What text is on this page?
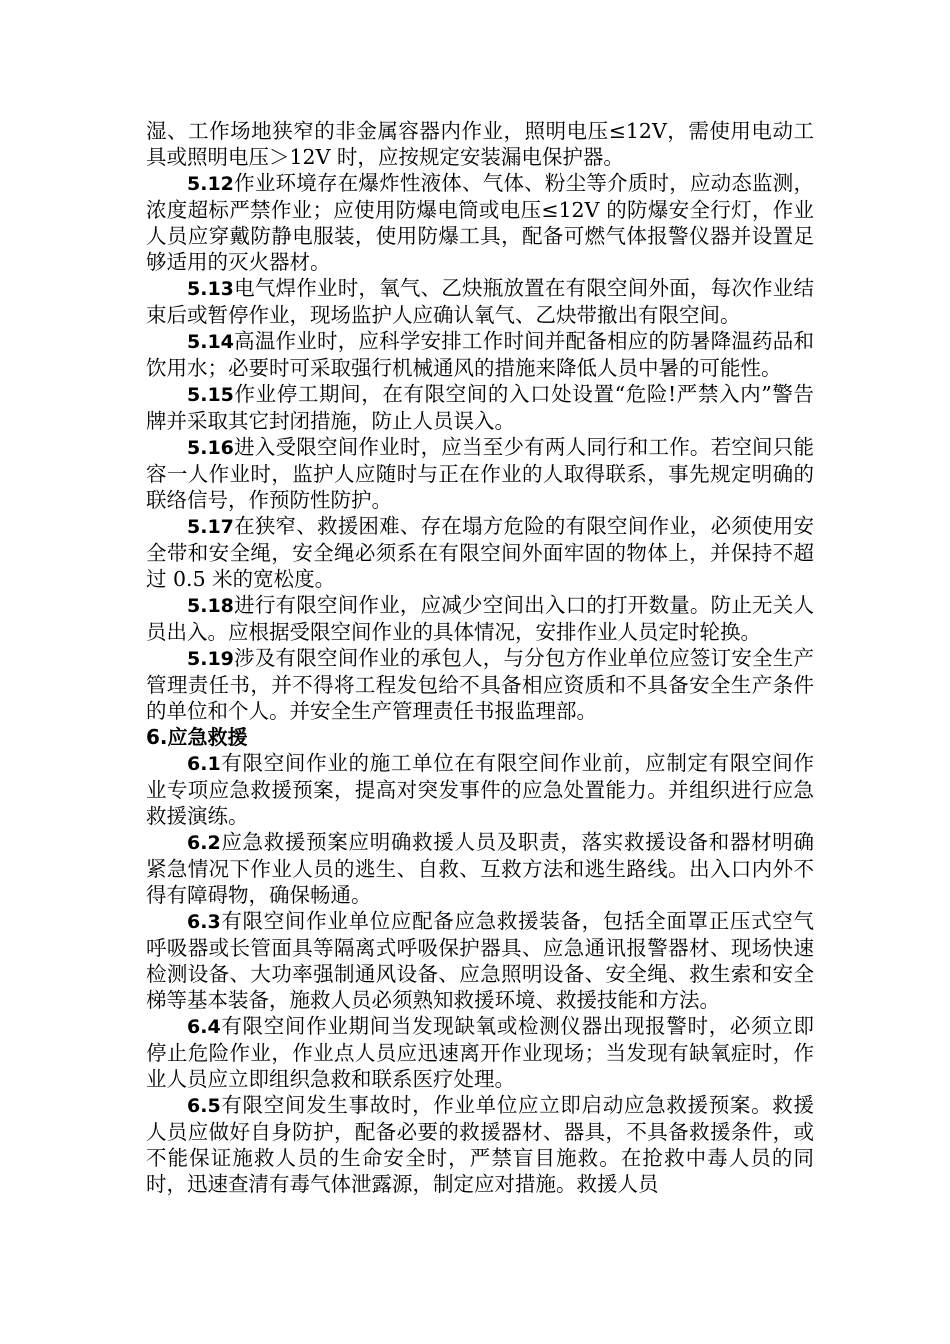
湿、工作场地狭窄的非金属容器内作业，照明电压≤12V，需使用电动工具或照明电压＞12V 时，应按规定安装漏电保护器。

5.12作业环境存在爆炸性液体、气体、粉尘等介质时，应动态监测，浓度超标严禁作业；应使用防爆电筒或电压≤12V 的防爆安全行灯，作业人员应穿戴防静电服装，使用防爆工具，配备可燃气体报警仪器并设置足够适用的灭火器材。

5.13电气焊作业时，氧气、乙炔瓶放置在有限空间外面，每次作业结束后或暂停作业，现场监护人应确认氧气、乙炔带撤出有限空间。

5.14高温作业时，应科学安排工作时间并配备相应的防暑降温药品和饮用水；必要时可采取强行机械通风的措施来降低人员中暑的可能性。

5.15作业停工期间，在有限空间的入口处设置“危险!严禁入内”警告牌并采取其它封闭措施，防止人员误入。

5.16进入受限空间作业时，应当至少有两人同行和工作。若空间只能容一人作业时，监护人应随时与正在作业的人取得联系，事先规定明确的联络信号，作预防性防护。

5.17在狭窄、救援困难、存在塌方危险的有限空间作业，必须使用安全带和安全绳，安全绳必须系在有限空间外面牢固的物体上，并保持不超过 0.5 米的宽松度。

5.18进行有限空间作业，应减少空间出入口的打开数量。防止无关人员出入。应根据受限空间作业的具体情况，安排作业人员定时轮换。

5.19涉及有限空间作业的承包人，与分包方作业单位应签订安全生产管理责任书，并不得将工程发包给不具备相应资质和不具备安全生产条件的单位和个人。并安全生产管理责任书报监理部。

6.应急救援

6.1有限空间作业的施工单位在有限空间作业前，应制定有限空间作业专项应急救援预案，提高对突发事件的应急处置能力。并组织进行应急救援演练。

6.2应急救援预案应明确救援人员及职责，落实救援设备和器材明确紧急情况下作业人员的逃生、自救、互救方法和逃生路线。出入口内外不得有障碍物，确保畅通。

6.3有限空间作业单位应配备应急救援装备，包括全面罩正压式空气呼吸器或长管面具等隔离式呼吸保护器具、应急通讯报警器材、现场快速检测设备、大功率强制通风设备、应急照明设备、安全绳、救生索和安全梯等基本装备，施救人员必须熟知救援环境、救援技能和方法。

6.4有限空间作业期间当发现缺氧或检测仪器出现报警时，必须立即停止危险作业，作业点人员应迅速离开作业现场；当发现有缺氧症时，作业人员应立即组织急救和联系医疗处理。

6.5有限空间发生事故时，作业单位应立即启动应急救援预案。救援人员应做好自身防护，配备必要的救援器材、器具，不具备救援条件，或不能保证施救人员的生命安全时，严禁盲目施救。在抢救中毒人员的同时，迅速查清有毒气体泄露源，制定应对措施。救援人员
